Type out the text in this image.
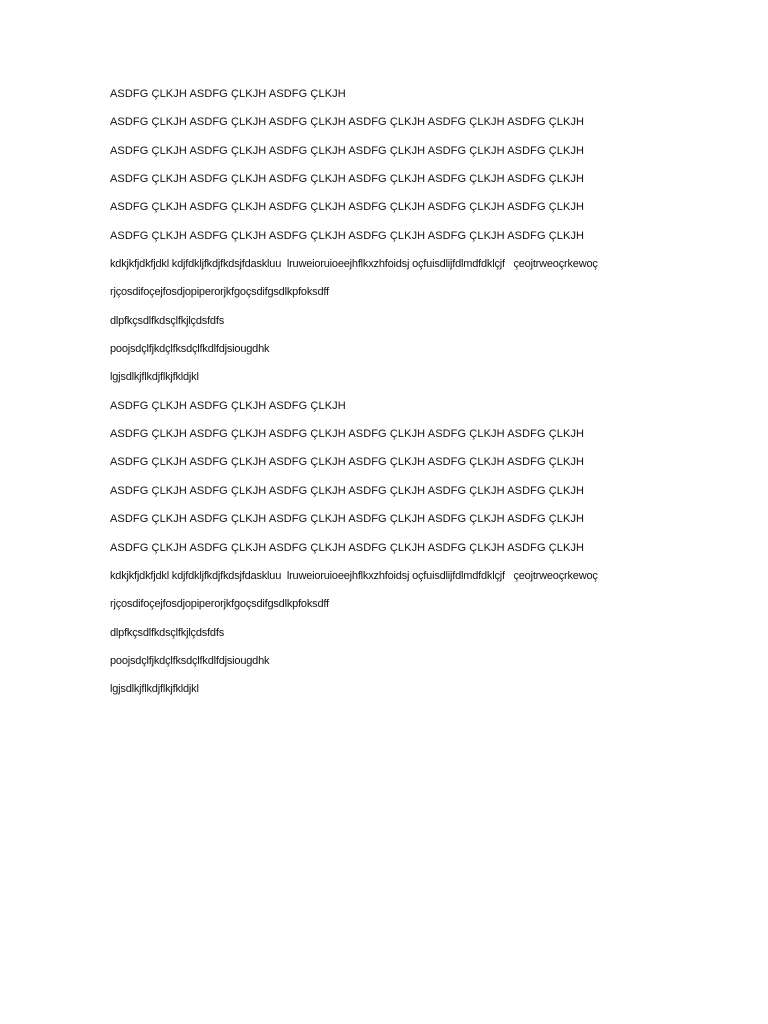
ASDFG ÇLKJH ASDFG ÇLKJH ASDFG ÇLKJH
ASDFG ÇLKJH ASDFG ÇLKJH ASDFG ÇLKJH ASDFG ÇLKJH ASDFG ÇLKJH ASDFG ÇLKJH
ASDFG ÇLKJH ASDFG ÇLKJH ASDFG ÇLKJH ASDFG ÇLKJH ASDFG ÇLKJH ASDFG ÇLKJH
ASDFG ÇLKJH ASDFG ÇLKJH ASDFG ÇLKJH ASDFG ÇLKJH ASDFG ÇLKJH ASDFG ÇLKJH
ASDFG ÇLKJH ASDFG ÇLKJH ASDFG ÇLKJH ASDFG ÇLKJH ASDFG ÇLKJH ASDFG ÇLKJH
ASDFG ÇLKJH ASDFG ÇLKJH ASDFG ÇLKJH ASDFG ÇLKJH ASDFG ÇLKJH ASDFG ÇLKJH
kdkjkfjdkfjdkl kdjfdkljfkdjfkdsjfdaskluu  lruweioruioeejhflkxzhfoidsj oçfuisdlijfdlmdfdklçjf   çeojtrweoçrkewoç
rjçosdifoçejfosdjopiperorjkfgoçsdifgsdlkpfoksdff
dlpfkçsdlfkdsçlfkjlçdsfdfs
poojsdçlfjkdçlfksdçlfkdlfdjsiougdhk
lgjsdlkjflkdjflkjfkldjkl
ASDFG ÇLKJH ASDFG ÇLKJH ASDFG ÇLKJH
ASDFG ÇLKJH ASDFG ÇLKJH ASDFG ÇLKJH ASDFG ÇLKJH ASDFG ÇLKJH ASDFG ÇLKJH
ASDFG ÇLKJH ASDFG ÇLKJH ASDFG ÇLKJH ASDFG ÇLKJH ASDFG ÇLKJH ASDFG ÇLKJH
ASDFG ÇLKJH ASDFG ÇLKJH ASDFG ÇLKJH ASDFG ÇLKJH ASDFG ÇLKJH ASDFG ÇLKJH
ASDFG ÇLKJH ASDFG ÇLKJH ASDFG ÇLKJH ASDFG ÇLKJH ASDFG ÇLKJH ASDFG ÇLKJH
ASDFG ÇLKJH ASDFG ÇLKJH ASDFG ÇLKJH ASDFG ÇLKJH ASDFG ÇLKJH ASDFG ÇLKJH
kdkjkfjdkfjdkl kdjfdkljfkdjfkdsjfdaskluu  lruweioruioeejhflkxzhfoidsj oçfuisdlijfdlmdfdklçjf   çeojtrweoçrkewoç
rjçosdifoçejfosdjopiperorjkfgoçsdifgsdlkpfoksdff
dlpfkçsdlfkdsçlfkjlçdsfdfs
poojsdçlfjkdçlfksdçlfkdlfdjsiougdhk
lgjsdlkjflkdjflkjfkldjkl
